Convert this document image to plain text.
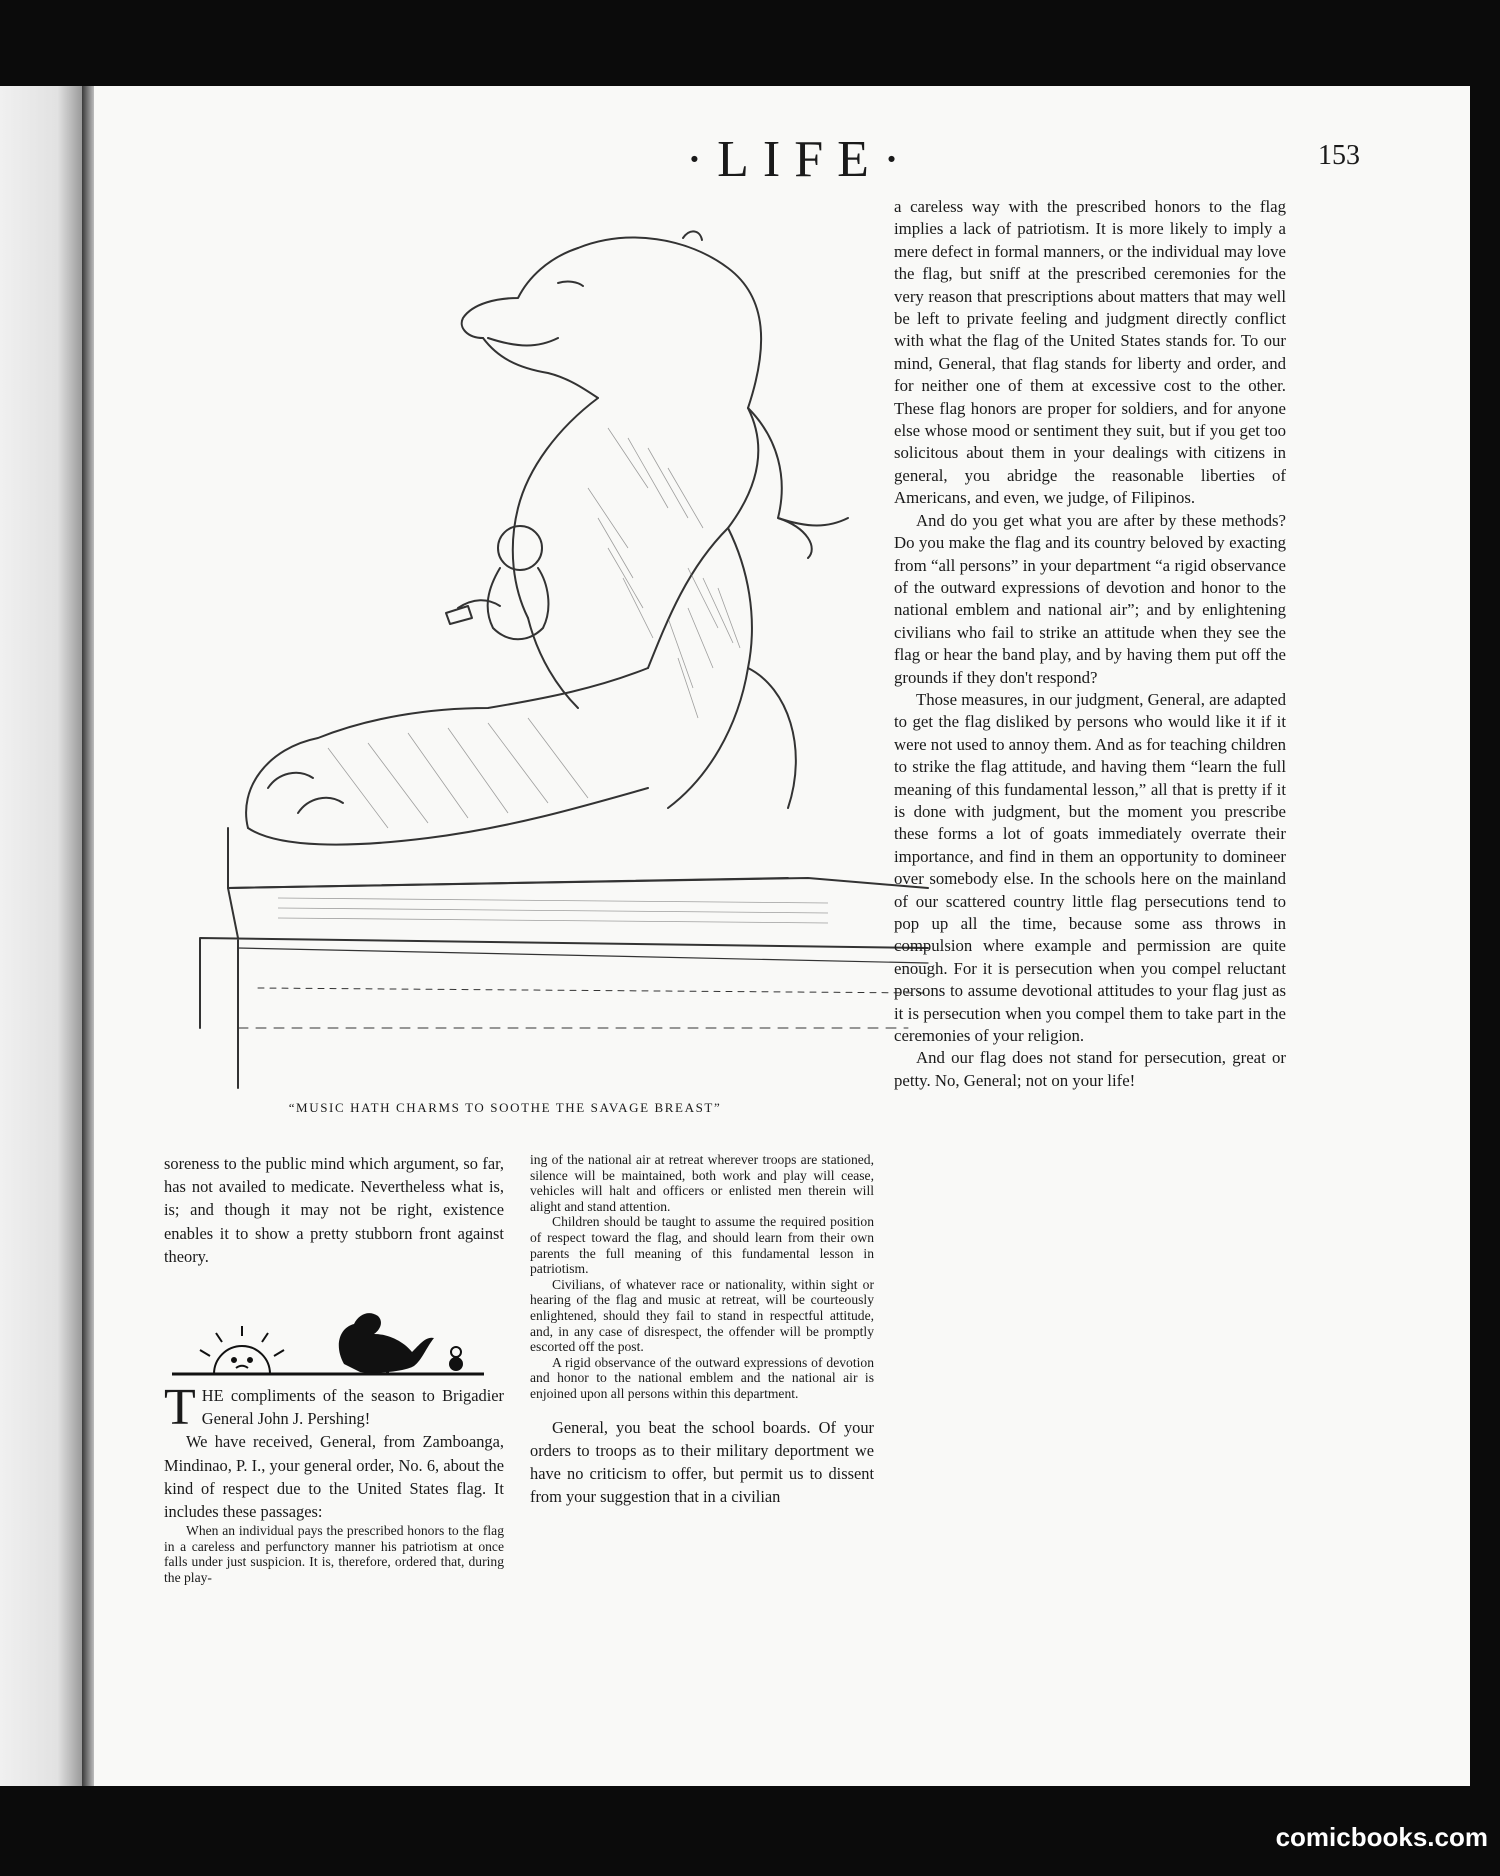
·LIFE·	153
“MUSIC HATH CHARMS TO SOOTHE THE SAVAGE BREAST”

soreness to the public mind which argument, so far, has not availed to medicate. Nevertheless what is, is; and though it may not be right, existence enables it to show a pretty stubborn front against theory.

THE compliments of the season to Brigadier General John J. Pershing!

We have received, General, from Zamboanga, Mindinao, P. I., your general order, No. 6, about the kind of respect due to the United States flag. It includes these passages:

When an individual pays the prescribed honors to the flag in a careless and perfunctory manner his patriotism at once falls under just suspicion. It is, therefore, ordered that, during the play-

ing of the national air at retreat wherever troops are stationed, silence will be maintained, both work and play will cease, vehicles will halt and officers or enlisted men therein will alight and stand attention.

Children should be taught to assume the required position of respect toward the flag, and should learn from their own parents the full meaning of this fundamental lesson in patriotism.

Civilians, of whatever race or nationality, within sight or hearing of the flag and music at retreat, will be courteously enlightened, should they fail to stand in respectful attitude, and, in any case of disrespect, the offender will be promptly escorted off the post.

A rigid observance of the outward expressions of devotion and honor to the national emblem and the national air is enjoined upon all persons within this department.

General, you beat the school boards. Of your orders to troops as to their military deportment we have no criticism to offer, but permit us to dissent from your suggestion that in a civilian

a careless way with the prescribed honors to the flag implies a lack of patriotism. It is more likely to imply a mere defect in formal manners, or the individual may love the flag, but sniff at the prescribed ceremonies for the very reason that prescriptions about matters that may well be left to private feeling and judgment directly conflict with what the flag of the United States stands for. To our mind, General, that flag stands for liberty and order, and for neither one of them at excessive cost to the other. These flag honors are proper for soldiers, and for anyone else whose mood or sentiment they suit, but if you get too solicitous about them in your dealings with citizens in general, you abridge the reasonable liberties of Americans, and even, we judge, of Filipinos.

And do you get what you are after by these methods? Do you make the flag and its country beloved by exacting from “all persons” in your department “a rigid observance of the outward expressions of devotion and honor to the national emblem and national air”; and by enlightening civilians who fail to strike an attitude when they see the flag or hear the band play, and by having them put off the grounds if they don't respond?

Those measures, in our judgment, General, are adapted to get the flag disliked by persons who would like it if it were not used to annoy them. And as for teaching children to strike the flag attitude, and having them “learn the full meaning of this fundamental lesson,” all that is pretty if it is done with judgment, but the moment you prescribe these forms a lot of goats immediately overrate their importance, and find in them an opportunity to domineer over somebody else. In the schools here on the mainland of our scattered country little flag persecutions tend to pop up all the time, because some ass throws in compulsion where example and permission are quite enough. For it is persecution when you compel reluctant persons to assume devotional attitudes to your flag just as it is persecution when you compel them to take part in the ceremonies of your religion.

And our flag does not stand for persecution, great or petty. No, General; not on your life!

comicbooks.com
